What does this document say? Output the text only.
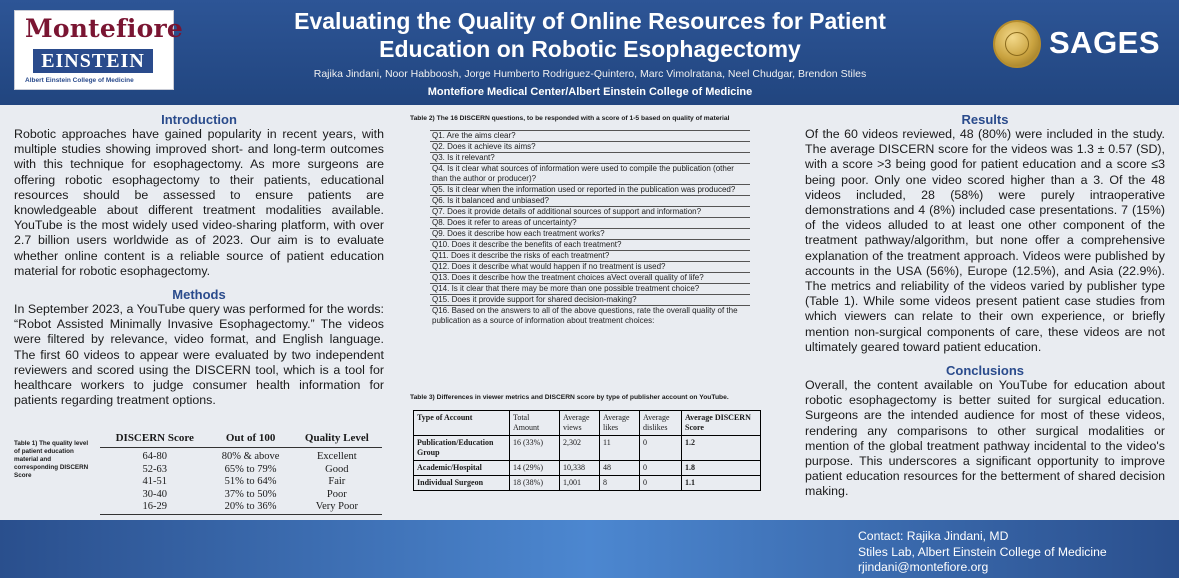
Montefiore
EINSTEIN
Albert Einstein College of Medicine
Evaluating the Quality of Online Resources for Patient
Education on Robotic Esophagectomy
Rajika Jindani, Noor Habboosh, Jorge Humberto Rodriguez-Quintero, Marc Vimolratana, Neel Chudgar, Brendon Stiles
Montefiore Medical Center/Albert Einstein College of Medicine
SAGES
Introduction

Robotic approaches have gained popularity in recent years, with multiple studies showing improved short- and long-term outcomes with this technique for esophagectomy. As more surgeons are offering robotic esophagectomy to their patients, educational resources should be assessed to ensure patients are knowledgeable about different treatment modalities available. YouTube is the most widely used video-sharing platform, with over 2.7 billion users worldwide as of 2023. Our aim is to evaluate whether online content is a reliable source of patient education material for robotic esophagectomy.

Methods

In September 2023, a YouTube query was performed for the words: “Robot Assisted Minimally Invasive Esophagectomy.” The videos were filtered by relevance, video format, and English language. The first 60 videos to appear were evaluated by two independent reviewers and scored using the DISCERN tool, which is a tool for healthcare workers to judge consumer health information for patients regarding treatment options.

Table 1) The quality level of patient education material and corresponding DISCERN Score
DISCERN Score	Out of 100	Quality Level
64-80	80% & above	Excellent
52-63	65% to 79%	Good
41-51	51% to 64%	Fair
30-40	37% to 50%	Poor
16-29	20% to 36%	Very Poor
Table 2) The 16 DISCERN questions, to be responded with a score of 1-5 based on quality of material
Q1. Are the aims clear?
Q2. Does it achieve its aims?
Q3. Is it relevant?
Q4. Is it clear what sources of information were used to compile the publication (other than the author or producer)?
Q5. Is it clear when the information used or reported in the publication was produced?
Q6. Is it balanced and unbiased?
Q7. Does it provide details of additional sources of support and information?
Q8. Does it refer to areas of uncertainty?
Q9. Does it describe how each treatment works?
Q10. Does it describe the benefits of each treatment?
Q11. Does it describe the risks of each treatment?
Q12. Does it describe what would happen if no treatment is used?
Q13. Does it describe how the treatment choices aVect overall quality of life?
Q14. Is it clear that there may be more than one possible treatment choice?
Q15. Does it provide support for shared decision-making?
Q16. Based on the answers to all of the above questions, rate the overall quality of the publication as a source of information about treatment choices:
Table 3) Differences in viewer metrics and DISCERN score by type of publisher account on YouTube.
Type of Account	Total Amount	Average views	Average likes	Average dislikes	Average DISCERN Score
Publication/Education Group	16 (33%)	2,302	11	0	1.2
Academic/Hospital	14 (29%)	10,338	48	0	1.8
Individual Surgeon	18 (38%)	1,001	8	0	1.1
Results

Of the 60 videos reviewed, 48 (80%) were included in the study. The average DISCERN score for the videos was 1.3 ± 0.57 (SD), with a score >3 being good for patient education and a score ≤3 being poor. Only one video scored higher than a 3. Of the 48 videos included, 28 (58%) were purely intraoperative demonstrations and 4 (8%) included case presentations. 7 (15%) of the videos alluded to at least one other component of the treatment pathway/algorithm, but none offer a comprehensive explanation of the treatment approach. Videos were published by accounts in the USA (56%), Europe (12.5%), and Asia (22.9%). The metrics and reliability of the videos varied by publisher type (Table 1). While some videos present patient case studies from which viewers can relate to their own experience, or briefly mention non-surgical components of care, these videos are not ultimately geared toward patient education.

Conclusions

Overall, the content available on YouTube for education about robotic esophagectomy is better suited for surgical education. Surgeons are the intended audience for most of these videos, rendering any comparisons to other surgical modalities or mention of the global treatment pathway incidental to the video's purpose. This underscores a significant opportunity to improve patient education resources for the betterment of shared decision making.

Contact: Rajika Jindani, MD
Stiles Lab, Albert Einstein College of Medicine
rjindani@montefiore.org
